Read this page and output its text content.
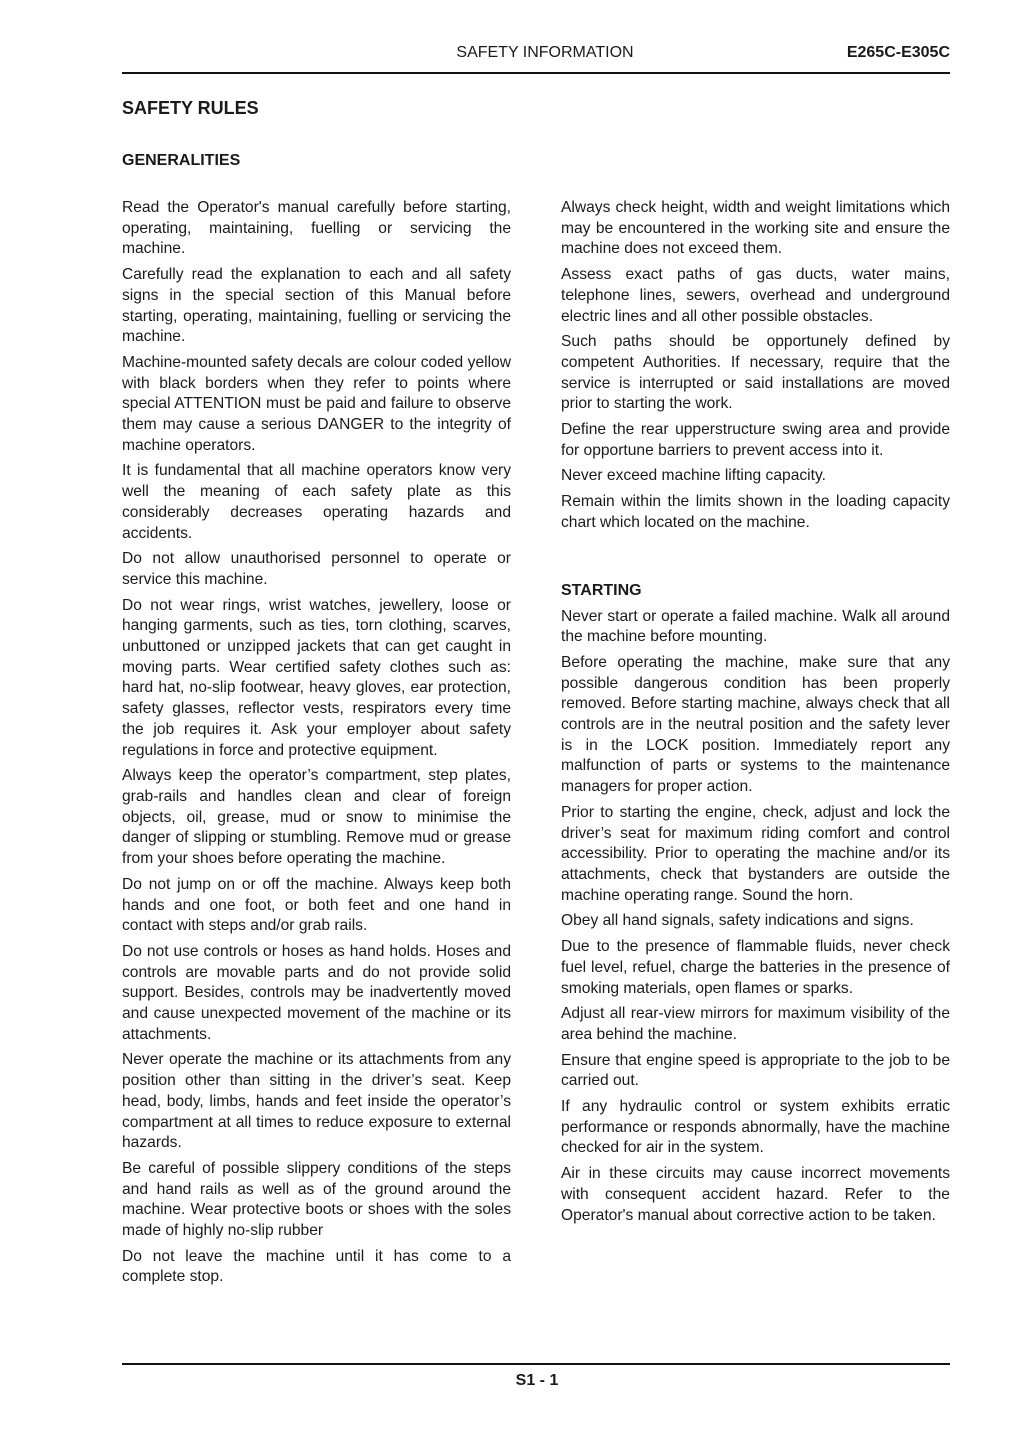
SAFETY INFORMATION	E265C-E305C
SAFETY RULES
GENERALITIES

Read the Operator's manual carefully before starting, operating, maintaining, fuelling or servicing the machine.

Carefully read the explanation to each and all safety signs in the special section of this Manual before starting, operating, maintaining, fuelling or servicing the machine.

Machine-mounted safety decals are colour coded yellow with black borders when they refer to points where special ATTENTION must be paid and failure to observe them may cause a serious DANGER to the integrity of machine operators.

It is fundamental that all machine operators know very well the meaning of each safety plate as this considerably decreases operating hazards and accidents.

Do not allow unauthorised personnel to operate or service this machine.

Do not wear rings, wrist watches, jewellery, loose or hanging garments, such as ties, torn clothing, scarves, unbuttoned or unzipped jackets that can get caught in moving parts. Wear certified safety clothes such as: hard hat, no-slip footwear, heavy gloves, ear protection, safety glasses, reflector vests, respirators every time the job requires it. Ask your employer about safety regulations in force and protective equipment.

Always keep the operator’s compartment, step plates, grab-rails and handles clean and clear of foreign objects, oil, grease, mud or snow to minimise the danger of slipping or stumbling. Remove mud or grease from your shoes before operating the machine.

Do not jump on or off the machine. Always keep both hands and one foot, or both feet and one hand in contact with steps and/or grab rails.

Do not use controls or hoses as hand holds. Hoses and controls are movable parts and do not provide solid support. Besides, controls may be inadvertently moved and cause unexpected movement of the machine or its attachments.

Never operate the machine or its attachments from any position other than sitting in the driver’s seat. Keep head, body, limbs, hands and feet inside the operator’s compartment at all times to reduce exposure to external hazards.

Be careful of possible slippery conditions of the steps and hand rails as well as of the ground around the machine. Wear protective boots or shoes with the soles made of highly no-slip rubber

Do not leave the machine until it has come to a complete stop.

Always check height, width and weight limitations which may be encountered in the working site and ensure the machine does not exceed them.

Assess exact paths of gas ducts, water mains, telephone lines, sewers, overhead and underground electric lines and all other possible obstacles.

Such paths should be opportunely defined by competent Authorities. If necessary, require that the service is interrupted or said installations are moved prior to starting the work.

Define the rear upperstructure swing area and provide for opportune barriers to prevent access into it.

Never exceed machine lifting capacity.

Remain within the limits shown in the loading capacity chart which located on the machine.

STARTING

Never start or operate a failed machine. Walk all around the machine before mounting.

Before operating the machine, make sure that any possible dangerous condition has been properly removed. Before starting machine, always check that all controls are in the neutral position and the safety lever is in the LOCK position. Immediately report any malfunction of parts or systems to the maintenance managers for proper action.

Prior to starting the engine, check, adjust and lock the driver’s seat for maximum riding comfort and control accessibility. Prior to operating the machine and/or its attachments, check that bystanders are outside the machine operating range. Sound the horn.

Obey all hand signals, safety indications and signs.

Due to the presence of flammable fluids, never check fuel level, refuel, charge the batteries in the presence of smoking materials, open flames or sparks.

Adjust all rear-view mirrors for maximum visibility of the area behind the machine.

Ensure that engine speed is appropriate to the job to be carried out.

If any hydraulic control or system exhibits erratic performance or responds abnormally, have the machine checked for air in the system.

Air in these circuits may cause incorrect movements with consequent accident hazard. Refer to the Operator's manual about corrective action to be taken.

S1 - 1
